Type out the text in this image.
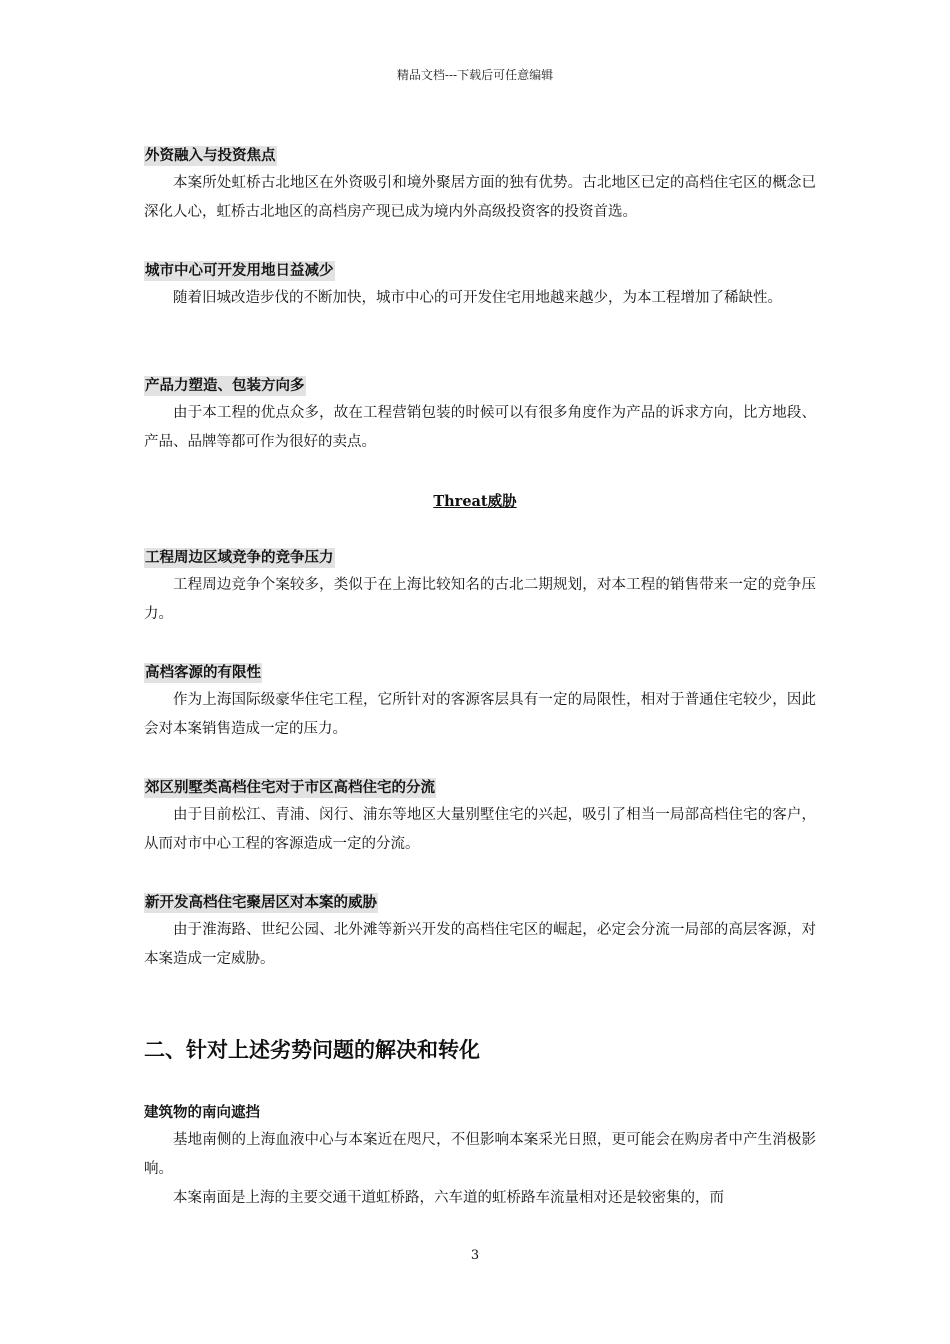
精品文档---下载后可任意编辑
外资融入与投资焦点

本案所处虹桥古北地区在外资吸引和境外聚居方面的独有优势。古北地区已定的高档住宅区的概念已深化人心，虹桥古北地区的高档房产现已成为境内外高级投资客的投资首选。

城市中心可开发用地日益减少

随着旧城改造步伐的不断加快，城市中心的可开发住宅用地越来越少，为本工程增加了稀缺性。

产品力塑造、包装方向多

由于本工程的优点众多，故在工程营销包装的时候可以有很多角度作为产品的诉求方向，比方地段、产品、品牌等都可作为很好的卖点。

工程周边区域竞争的竞争压力

工程周边竞争个案较多，类似于在上海比较知名的古北二期规划，对本工程的销售带来一定的竞争压力。

高档客源的有限性

作为上海国际级豪华住宅工程，它所针对的客源客层具有一定的局限性，相对于普通住宅较少，因此会对本案销售造成一定的压力。

郊区别墅类高档住宅对于市区高档住宅的分流

由于目前松江、青浦、闵行、浦东等地区大量别墅住宅的兴起，吸引了相当一局部高档住宅的客户，从而对市中心工程的客源造成一定的分流。

新开发高档住宅聚居区对本案的威胁

由于淮海路、世纪公园、北外滩等新兴开发的高档住宅区的崛起，必定会分流一局部的高层客源，对本案造成一定威胁。

二、针对上述劣势问题的解决和转化
建筑物的南向遮挡

基地南侧的上海血液中心与本案近在咫尺，不但影响本案采光日照，更可能会在购房者中产生消极影响。

本案南面是上海的主要交通干道虹桥路，六车道的虹桥路车流量相对还是较密集的，而

Threat威胁
3
